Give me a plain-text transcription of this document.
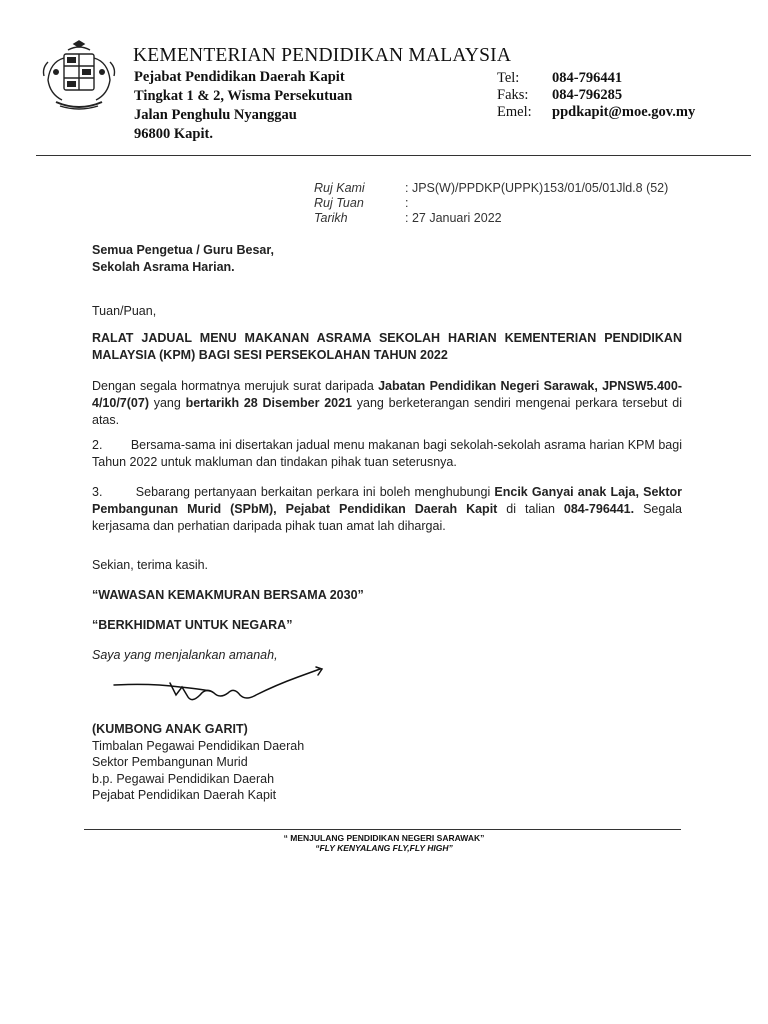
KEMENTERIAN PENDIDIKAN MALAYSIA
Pejabat Pendidikan Daerah Kapit
Tingkat 1 & 2, Wisma Persekutuan
Jalan Penghulu Nyanggau
96800 Kapit.
Tel: 084-796441
Faks: 084-796285
Emel: ppdkapit@moe.gov.my
Ruj Kami	: JPS(W)/PPDKP(UPPK)153/01/05/01Jld.8 (52)
Ruj Tuan	:
Tarikh	: 27 Januari 2022
Semua Pengetua / Guru Besar,
Sekolah Asrama Harian.
Tuan/Puan,
RALAT JADUAL MENU MAKANAN ASRAMA SEKOLAH HARIAN KEMENTERIAN PENDIDIKAN MALAYSIA (KPM) BAGI SESI PERSEKOLAHAN TAHUN 2022

Dengan segala hormatnya merujuk surat daripada Jabatan Pendidikan Negeri Sarawak, JPNSW5.400-4/10/7(07) yang bertarikh 28 Disember 2021 yang berketerangan sendiri mengenai perkara tersebut di atas.

2.        Bersama-sama ini disertakan jadual menu makanan bagi sekolah-sekolah asrama harian KPM bagi Tahun 2022 untuk makluman dan tindakan pihak tuan seterusnya.

3.        Sebarang pertanyaan berkaitan perkara ini boleh menghubungi Encik Ganyai anak Laja, Sektor Pembangunan Murid (SPbM), Pejabat Pendidikan Daerah Kapit di talian 084-796441. Segala kerjasama dan perhatian daripada pihak tuan amat lah dihargai.

Sekian, terima kasih.
“WAWASAN KEMAKMURAN BERSAMA 2030”
“BERKHIDMAT UNTUK NEGARA”
Saya yang menjalankan amanah,
(KUMBONG ANAK GARIT)
Timbalan Pegawai Pendidikan Daerah
Sektor Pembangunan Murid
b.p. Pegawai Pendidikan Daerah
Pejabat Pendidikan Daerah Kapit
“ MENJULANG PENDIDIKAN NEGERI SARAWAK”
“FLY KENYALANG FLY,FLY HIGH”
